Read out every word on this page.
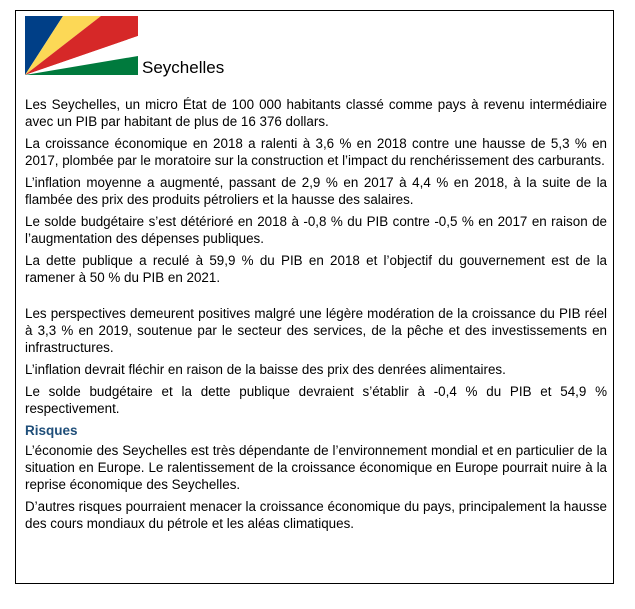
Seychelles

Les Seychelles, un micro État de 100 000 habitants classé comme pays à revenu intermédiaire avec un PIB par habitant de plus de 16 376 dollars.

La croissance économique en 2018 a ralenti à 3,6 % en 2018 contre une hausse de 5,3 % en 2017, plombée par le moratoire sur la construction et l’impact du renchérissement des carburants.

L’inflation moyenne a augmenté, passant de 2,9 % en 2017 à 4,4 % en 2018, à la suite de la flambée des prix des produits pétroliers et la hausse des salaires.

Le solde budgétaire s’est détérioré en 2018 à -0,8 % du PIB contre -0,5 % en 2017 en raison de l’augmentation des dépenses publiques.

La dette publique a reculé à 59,9 % du PIB en 2018 et l’objectif du gouvernement est de la ramener à 50 % du PIB en 2021.

Les perspectives demeurent positives malgré une légère modération de la croissance du PIB réel à 3,3 % en 2019, soutenue par le secteur des services, de la pêche et des investissements en infrastructures.

L’inflation devrait fléchir en raison de la baisse des prix des denrées alimentaires.

Le solde budgétaire et la dette publique devraient s’établir à -0,4 % du PIB et 54,9 % respectivement.

Risques

L’économie des Seychelles est très dépendante de l’environnement mondial et en particulier de la situation en Europe. Le ralentissement de la croissance économique en Europe pourrait nuire à la reprise économique des Seychelles.

D’autres risques pourraient menacer la croissance économique du pays, principalement la hausse des cours mondiaux du pétrole et les aléas climatiques.
